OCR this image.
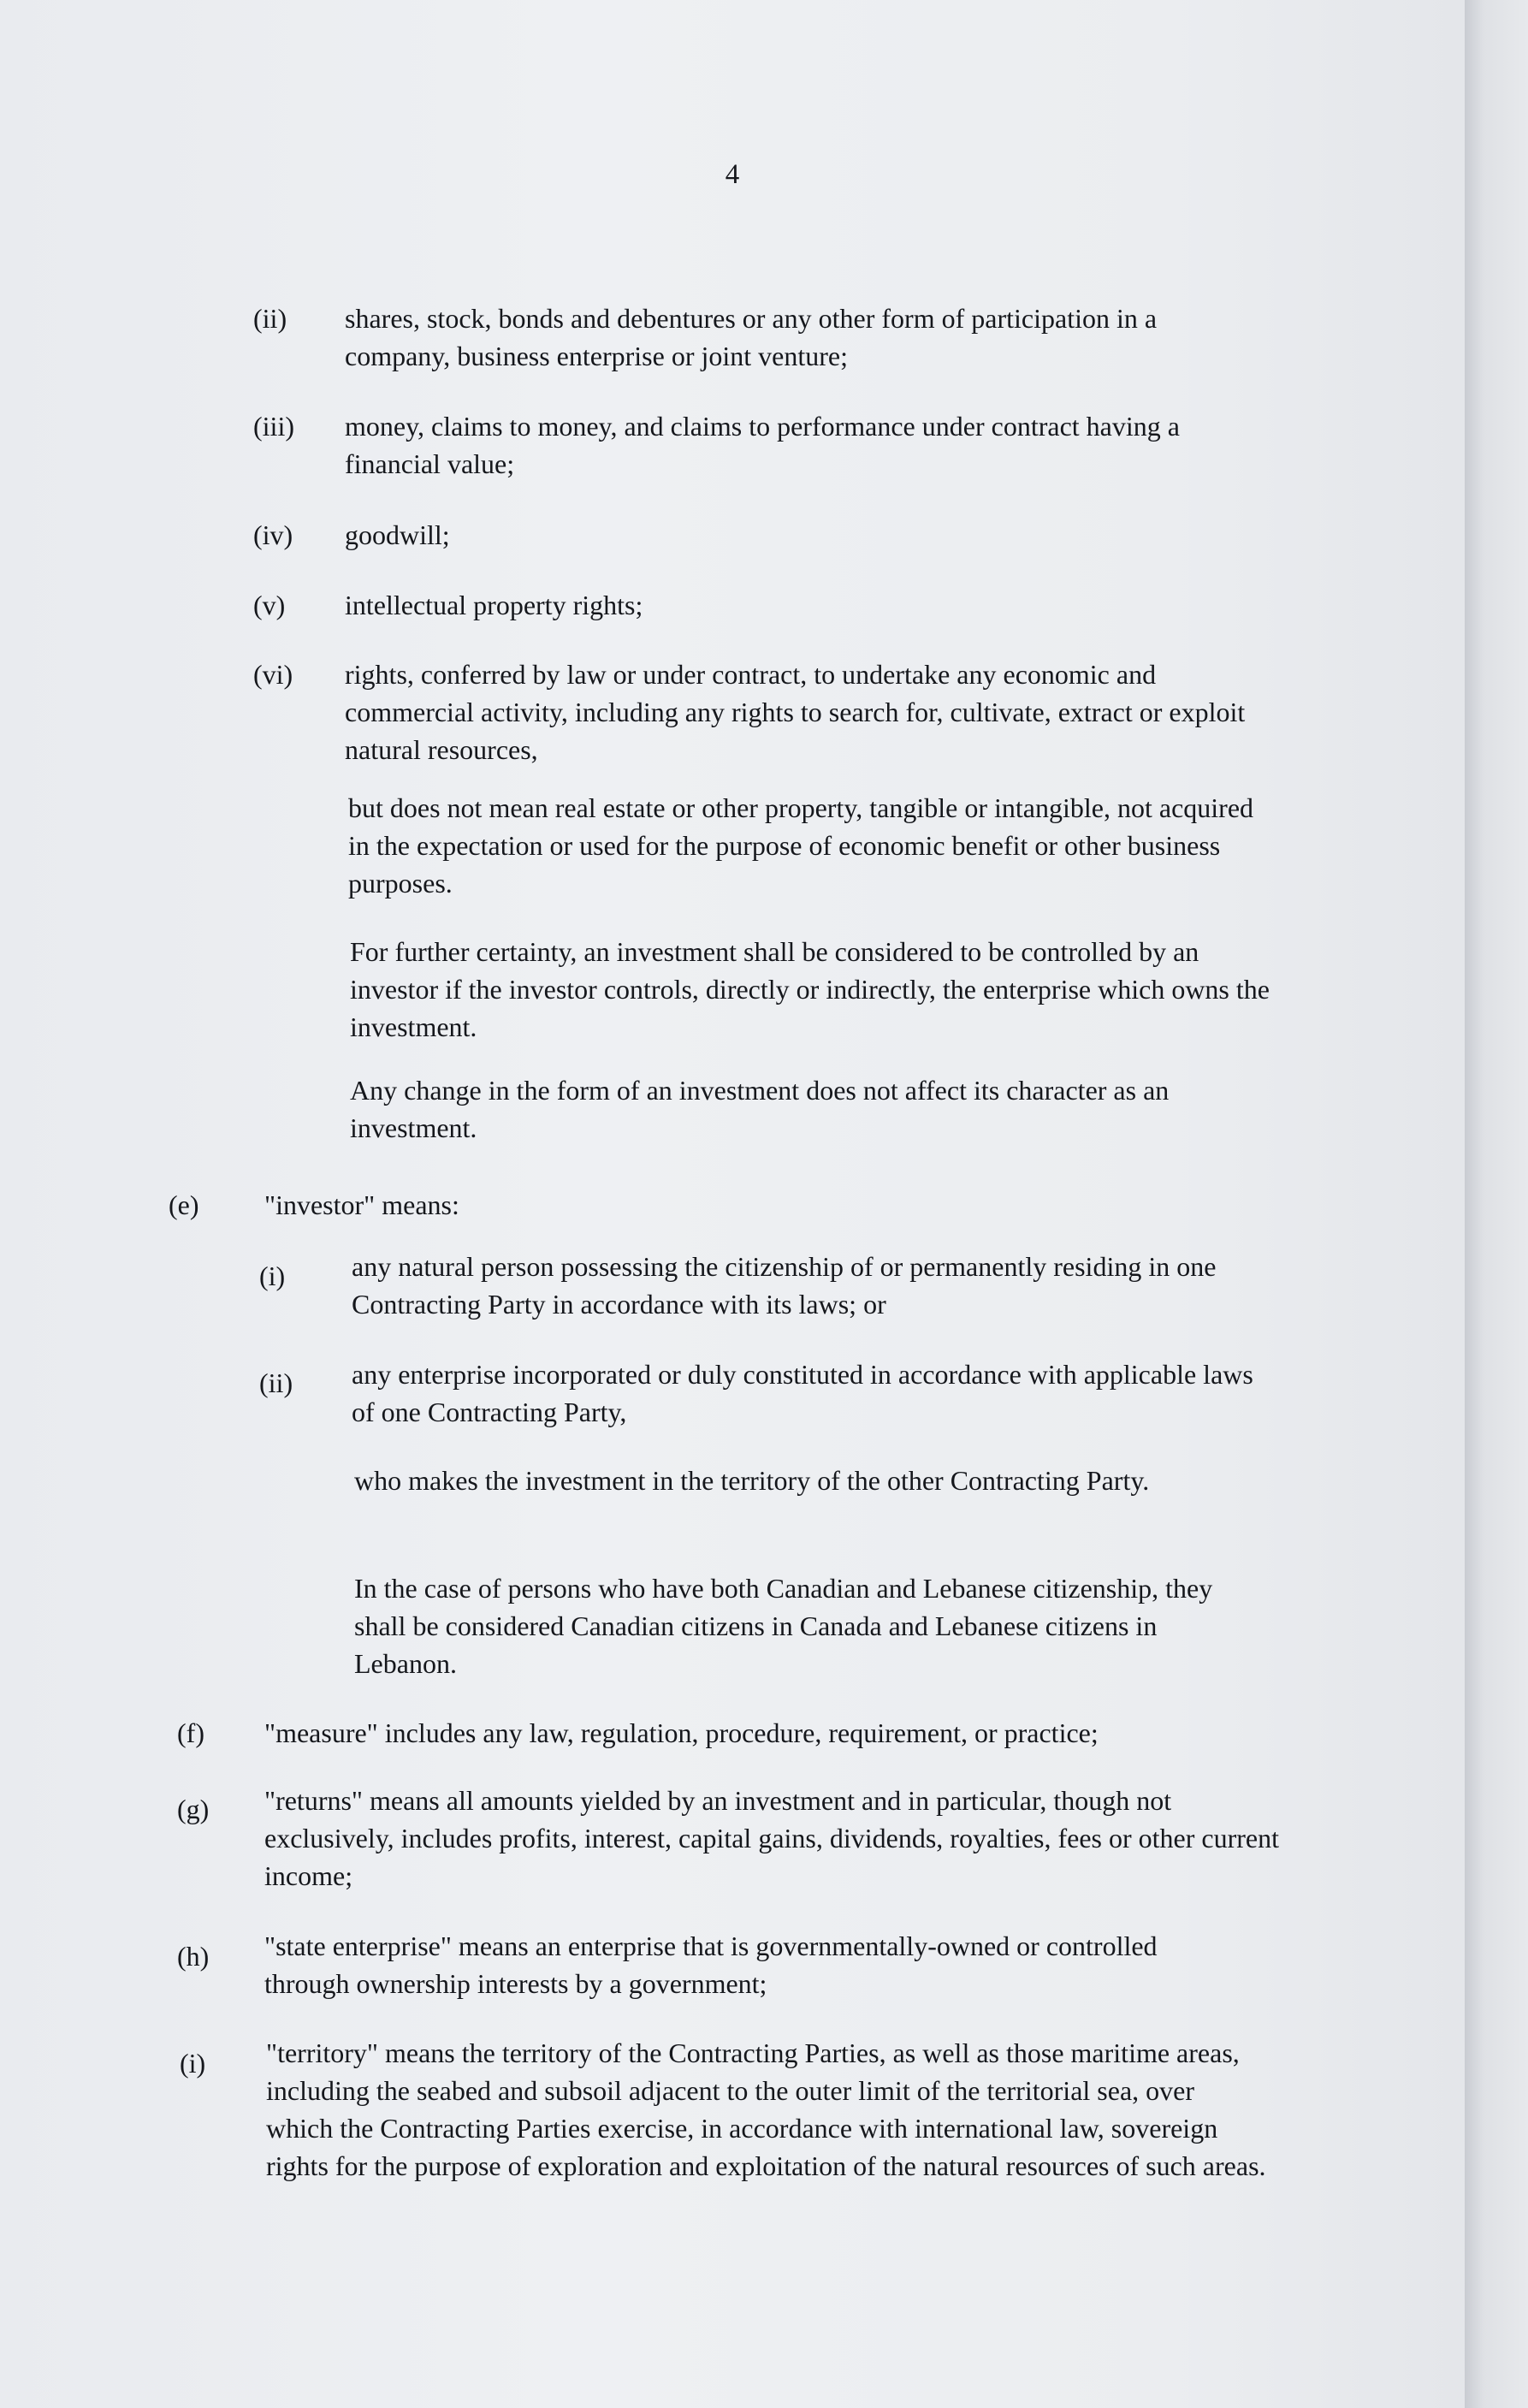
4
(ii) shares, stock, bonds and debentures or any other form of participation in a company, business enterprise or joint venture;
(iii) money, claims to money, and claims to performance under contract having a financial value;
(iv) goodwill;
(v) intellectual property rights;
(vi) rights, conferred by law or under contract, to undertake any economic and commercial activity, including any rights to search for, cultivate, extract or exploit natural resources,
but does not mean real estate or other property, tangible or intangible, not acquired in the expectation or used for the purpose of economic benefit or other business purposes.
For further certainty, an investment shall be considered to be controlled by an investor if the investor controls, directly or indirectly, the enterprise which owns the investment.
Any change in the form of an investment does not affect its character as an investment.
(e) "investor" means:
(i) any natural person possessing the citizenship of or permanently residing in one Contracting Party in accordance with its laws; or
(ii) any enterprise incorporated or duly constituted in accordance with applicable laws of one Contracting Party,
who makes the investment in the territory of the other Contracting Party.
In the case of persons who have both Canadian and Lebanese citizenship, they shall be considered Canadian citizens in Canada and Lebanese citizens in Lebanon.
(f) "measure" includes any law, regulation, procedure, requirement, or practice;
(g) "returns" means all amounts yielded by an investment and in particular, though not exclusively, includes profits, interest, capital gains, dividends, royalties, fees or other current income;
(h) "state enterprise" means an enterprise that is governmentally-owned or controlled through ownership interests by a government;
(i) "territory" means the territory of the Contracting Parties, as well as those maritime areas, including the seabed and subsoil adjacent to the outer limit of the territorial sea, over which the Contracting Parties exercise, in accordance with international law, sovereign rights for the purpose of exploration and exploitation of the natural resources of such areas.
